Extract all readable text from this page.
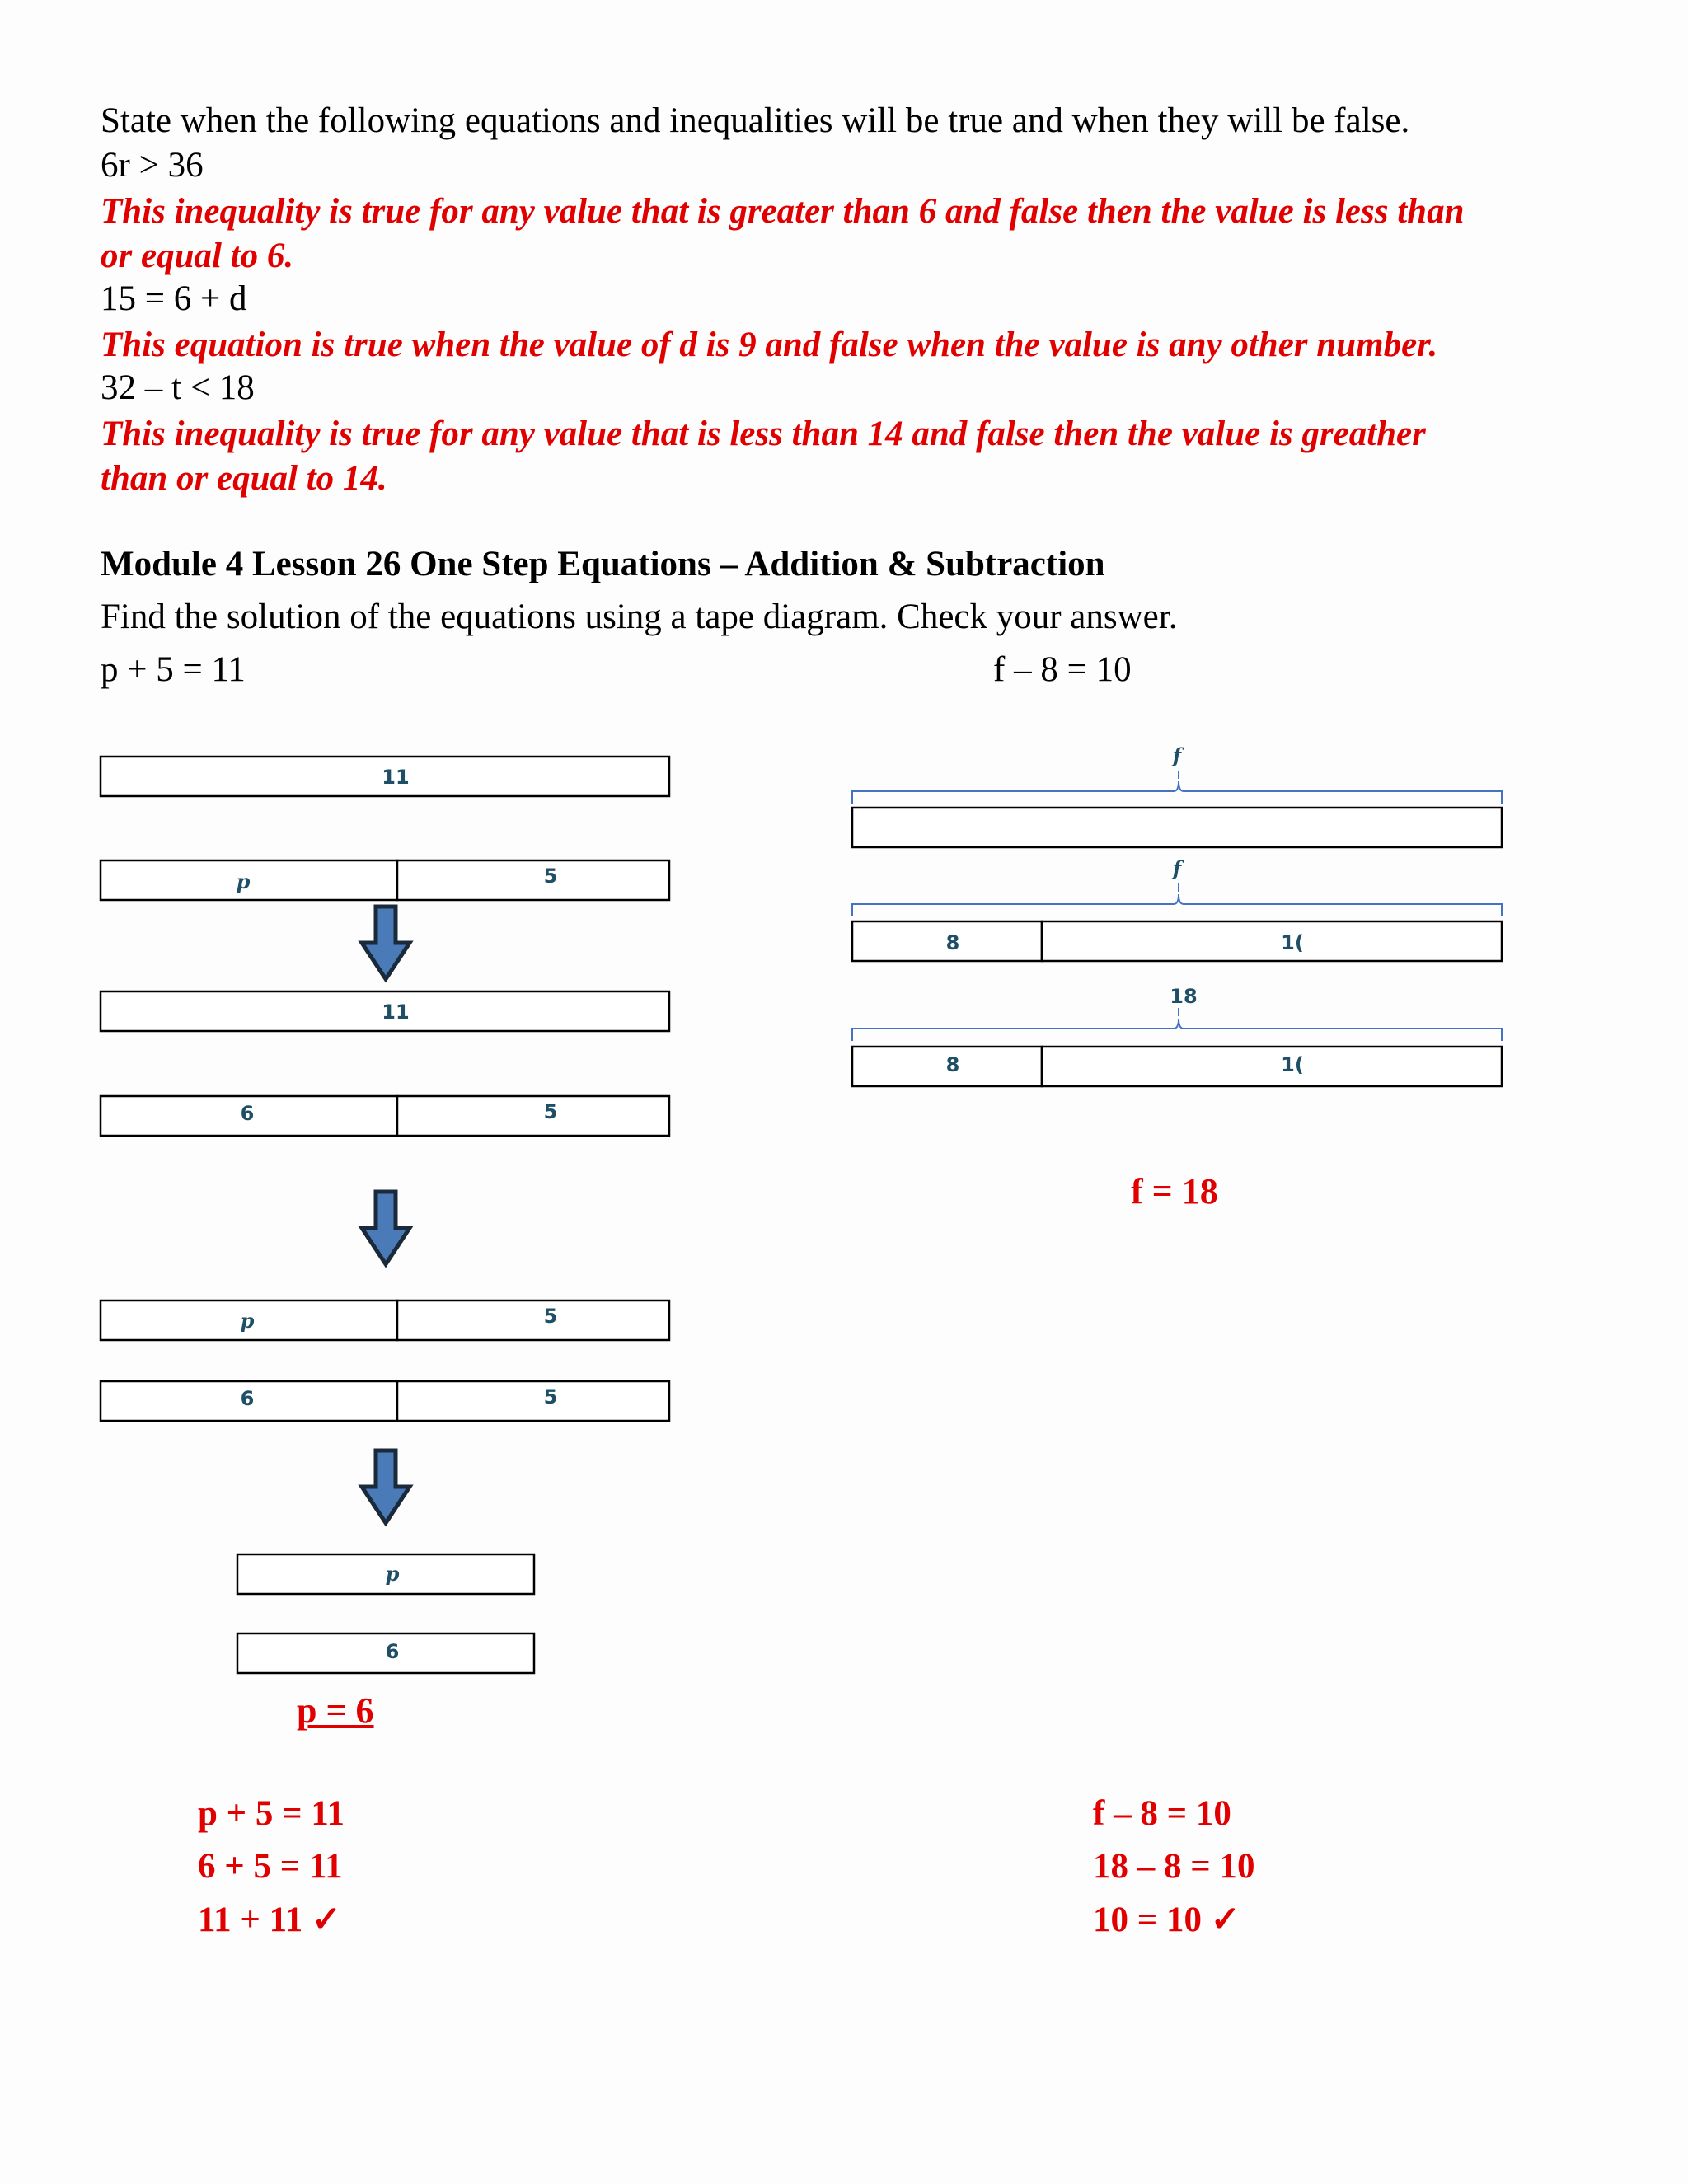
State when the following equations and inequalities will be true and when they will be false.
6r > 36
This inequality is true for any value that is greater than 6 and false then the value is less than
or equal to 6.
15 = 6 + d
This equation is true when the value of d is 9 and false when the value is any other number.
32 – t < 18
This inequality is true for any value that is less than 14 and false then the value is greather
than or equal to 14.
Module 4 Lesson 26 One Step Equations – Addition & Subtraction
Find the solution of the equations using a tape diagram. Check your answer.
p + 5 = 11	f – 8 = 10
11
p	5
11
6	5
p	5
6	5
p
6
f
f
8	1(
18
8	1(
f = 18
p = 6
p + 5 = 11
6 + 5 = 11
11 + 11 ✓
f – 8 = 10
18 – 8 = 10
10 = 10 ✓
